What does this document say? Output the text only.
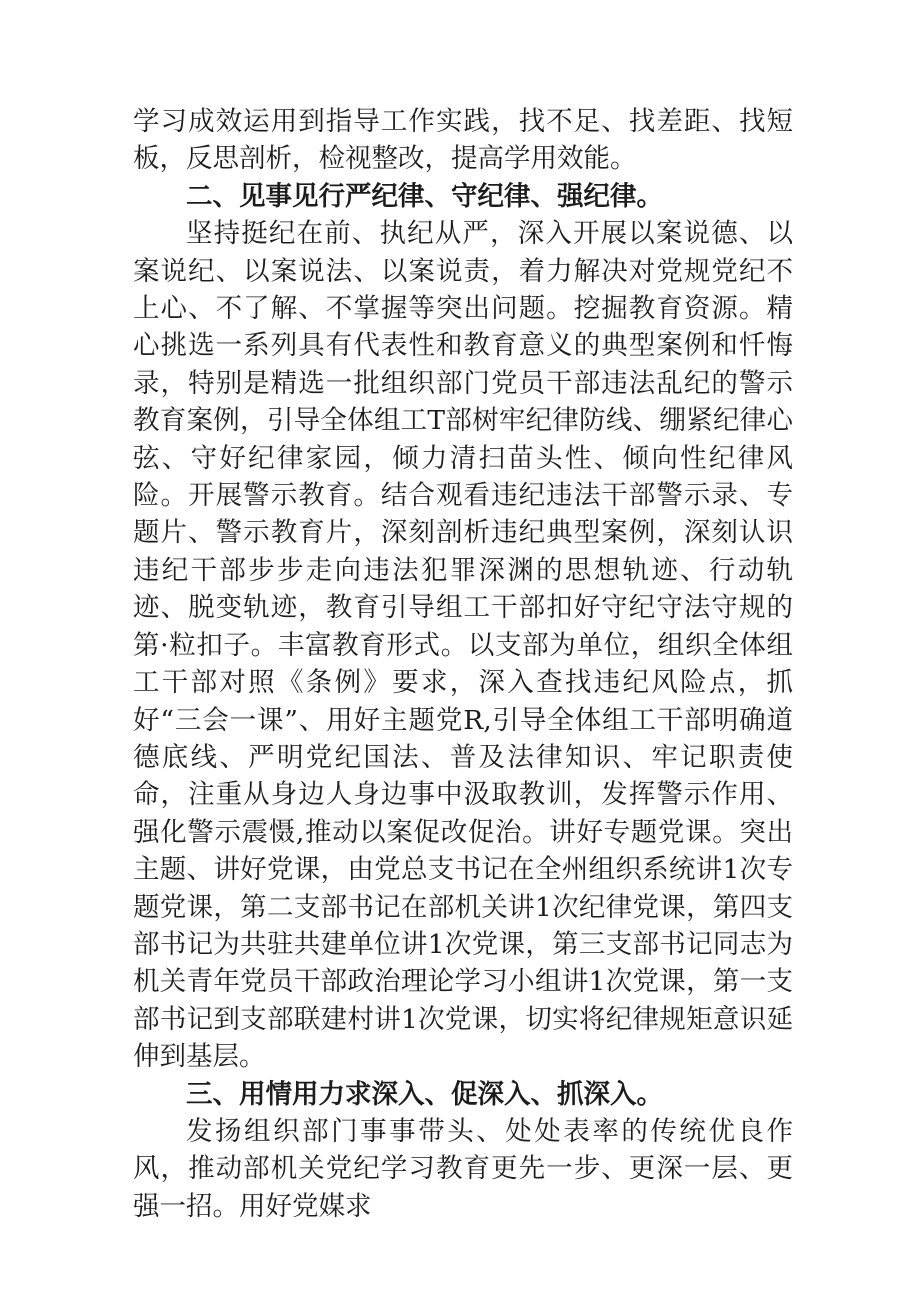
学习成效运用到指导工作实践，找不足、找差距、找短板，反思剖析，检视整改，提高学用效能。

二、见事见行严纪律、守纪律、强纪律。

坚持挺纪在前、执纪从严，深入开展以案说德、以案说纪、以案说法、以案说责，着力解决对党规党纪不上心、不了解、不掌握等突出问题。挖掘教育资源。精心挑选一系列具有代表性和教育意义的典型案例和忏悔录，特别是精选一批组织部门党员干部违法乱纪的警示教育案例，引导全体组工T部树牢纪律防线、绷紧纪律心弦、守好纪律家园，倾力清扫苗头性、倾向性纪律风险。开展警示教育。结合观看违纪违法干部警示录、专题片、警示教育片，深刻剖析违纪典型案例，深刻认识违纪干部步步走向违法犯罪深渊的思想轨迹、行动轨迹、脱变轨迹，教育引导组工干部扣好守纪守法守规的第·粒扣子。丰富教育形式。以支部为单位，组织全体组工干部对照《条例》要求，深入查找违纪风险点，抓好“三会一课”、用好主题党R,引导全体组工干部明确道德底线、严明党纪国法、普及法律知识、牢记职责使命，注重从身边人身边事中汲取教训，发挥警示作用、强化警示震慑,推动以案促改促治。讲好专题党课。突出主题、讲好党课，由党总支书记在全州组织系统讲1次专题党课，第二支部书记在部机关讲1次纪律党课，第四支部书记为共驻共建单位讲1次党课，第三支部书记同志为机关青年党员干部政治理论学习小组讲1次党课，第一支部书记到支部联建村讲1次党课，切实将纪律规矩意识延伸到基层。

三、用情用力求深入、促深入、抓深入。

发扬组织部门事事带头、处处表率的传统优良作风，推动部机关党纪学习教育更先一步、更深一层、更强一招。用好党媒求
